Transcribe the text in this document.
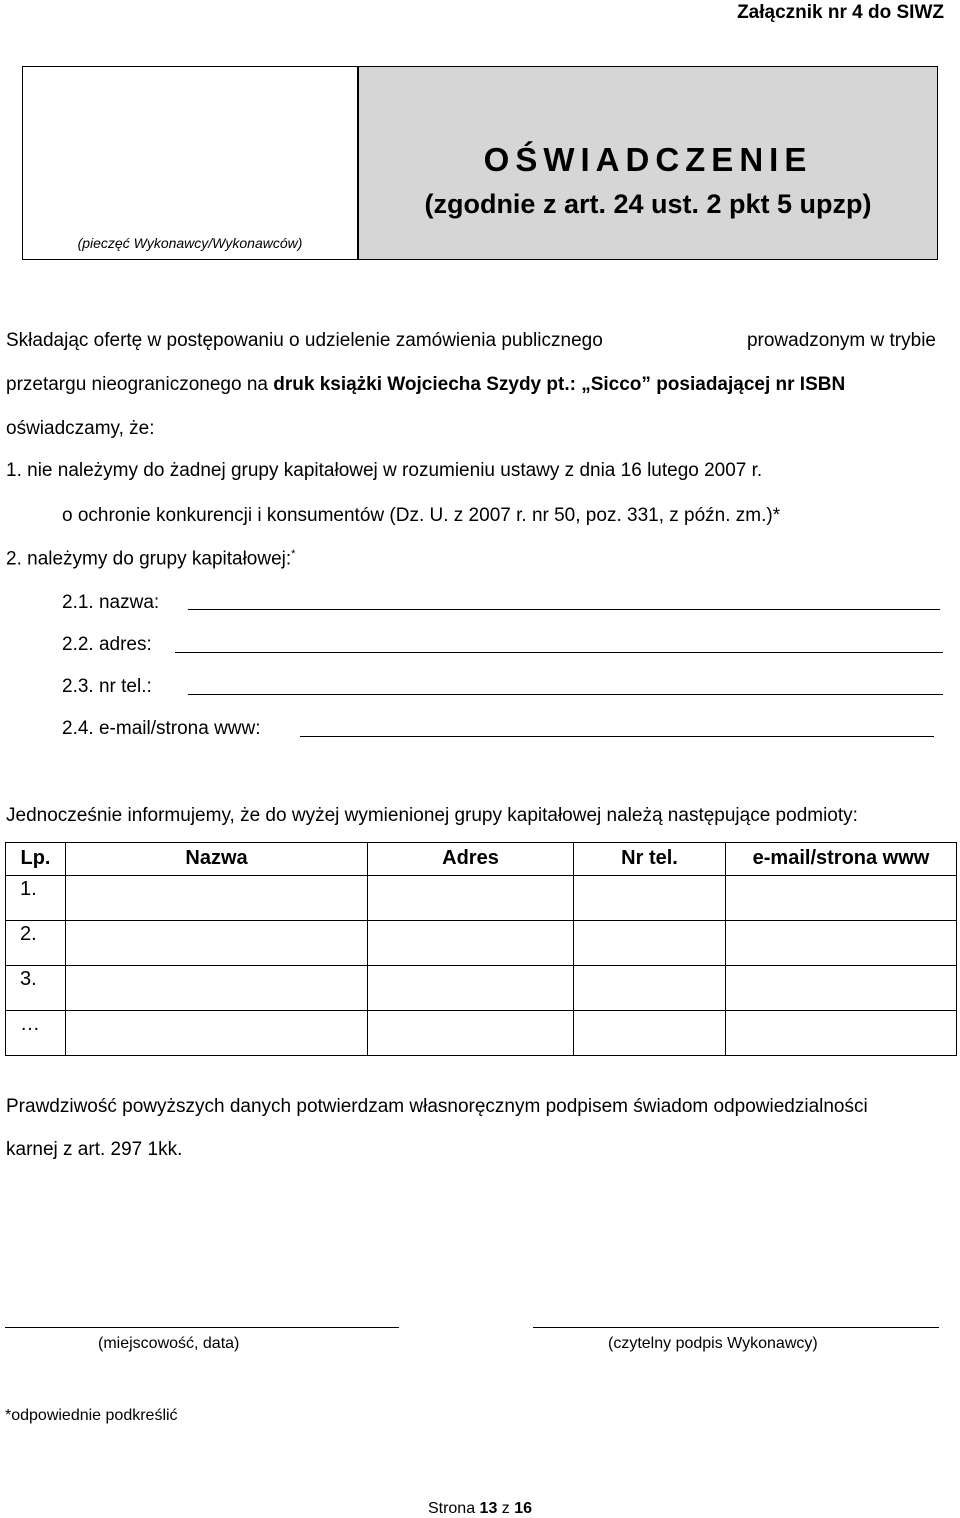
Załącznik nr 4 do SIWZ
(pieczęć Wykonawcy/Wykonawców)
OŚWIADCZENIE
(zgodnie z art. 24 ust. 2 pkt 5 upzp)
Składając ofertę w postępowaniu o udzielenie zamówienia publicznego	prowadzonym w trybie
przetargu nieograniczonego na druk książki Wojciecha Szydy pt.: „Sicco” posiadającej nr ISBN
oświadczamy, że:
1. nie należymy do żadnej grupy kapitałowej w rozumieniu ustawy z dnia 16 lutego 2007 r.
o ochronie konkurencji i konsumentów (Dz. U. z 2007 r. nr 50, poz. 331, z późn. zm.)*
2. należymy do grupy kapitałowej:*
2.1. nazwa:
2.2. adres:
2.3. nr tel.:
2.4. e-mail/strona www:
Jednocześnie informujemy, że do wyżej wymienionej grupy kapitałowej należą następujące podmioty:
Lp.	Nazwa	Adres	Nr tel.	e-mail/strona www
1.				
2.				
3.				
…				
Prawdziwość powyższych danych potwierdzam własnoręcznym podpisem świadom odpowiedzialności
karnej z art. 297 1kk.
(miejscowość, data)	(czytelny podpis Wykonawcy)
*odpowiednie podkreślić
Strona 13 z 16
